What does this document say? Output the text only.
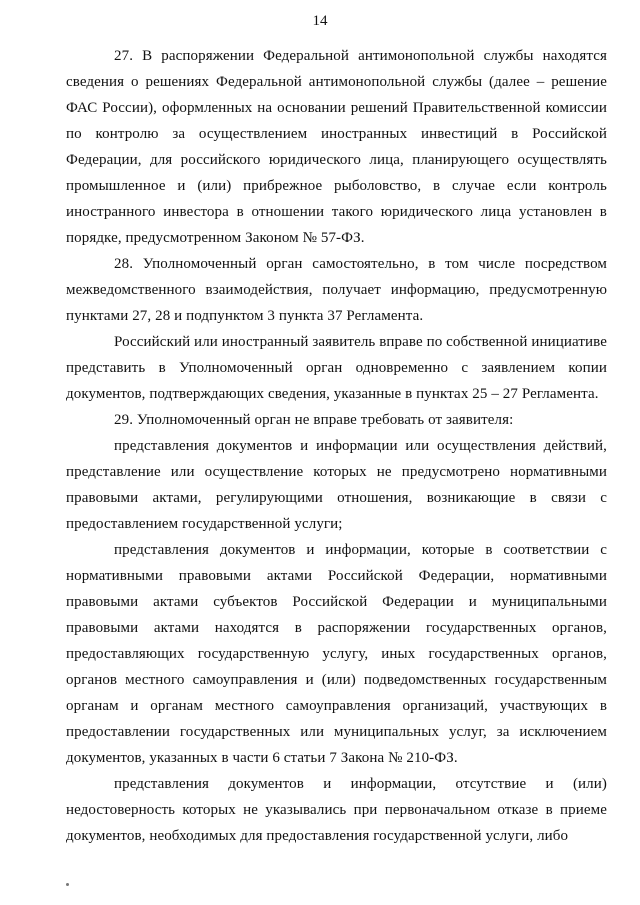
14

27. В распоряжении Федеральной антимонопольной службы находятся сведения о решениях Федеральной антимонопольной службы (далее – решение ФАС России), оформленных на основании решений Правительственной комиссии по контролю за осуществлением иностранных инвестиций в Российской Федерации, для российского юридического лица, планирующего осуществлять промышленное и (или) прибрежное рыболовство, в случае если контроль иностранного инвестора в отношении такого юридического лица установлен в порядке, предусмотренном Законом № 57-ФЗ.

28. Уполномоченный орган самостоятельно, в том числе посредством межведомственного взаимодействия, получает информацию, предусмотренную пунктами 27, 28 и подпунктом 3 пункта 37 Регламента.

Российский или иностранный заявитель вправе по собственной инициативе представить в Уполномоченный орган одновременно с заявлением копии документов, подтверждающих сведения, указанные в пунктах 25 – 27 Регламента.

29. Уполномоченный орган не вправе требовать от заявителя:

представления документов и информации или осуществления действий, представление или осуществление которых не предусмотрено нормативными правовыми актами, регулирующими отношения, возникающие в связи с предоставлением государственной услуги;

представления документов и информации, которые в соответствии с нормативными правовыми актами Российской Федерации, нормативными правовыми актами субъектов Российской Федерации и муниципальными правовыми актами находятся в распоряжении государственных органов, предоставляющих государственную услугу, иных государственных органов, органов местного самоуправления и (или) подведомственных государственным органам и органам местного самоуправления организаций, участвующих в предоставлении государственных или муниципальных услуг, за исключением документов, указанных в части 6 статьи 7 Закона № 210-ФЗ.

представления документов и информации, отсутствие и (или) недостоверность которых не указывались при первоначальном отказе в приеме документов, необходимых для предоставления государственной услуги, либо
